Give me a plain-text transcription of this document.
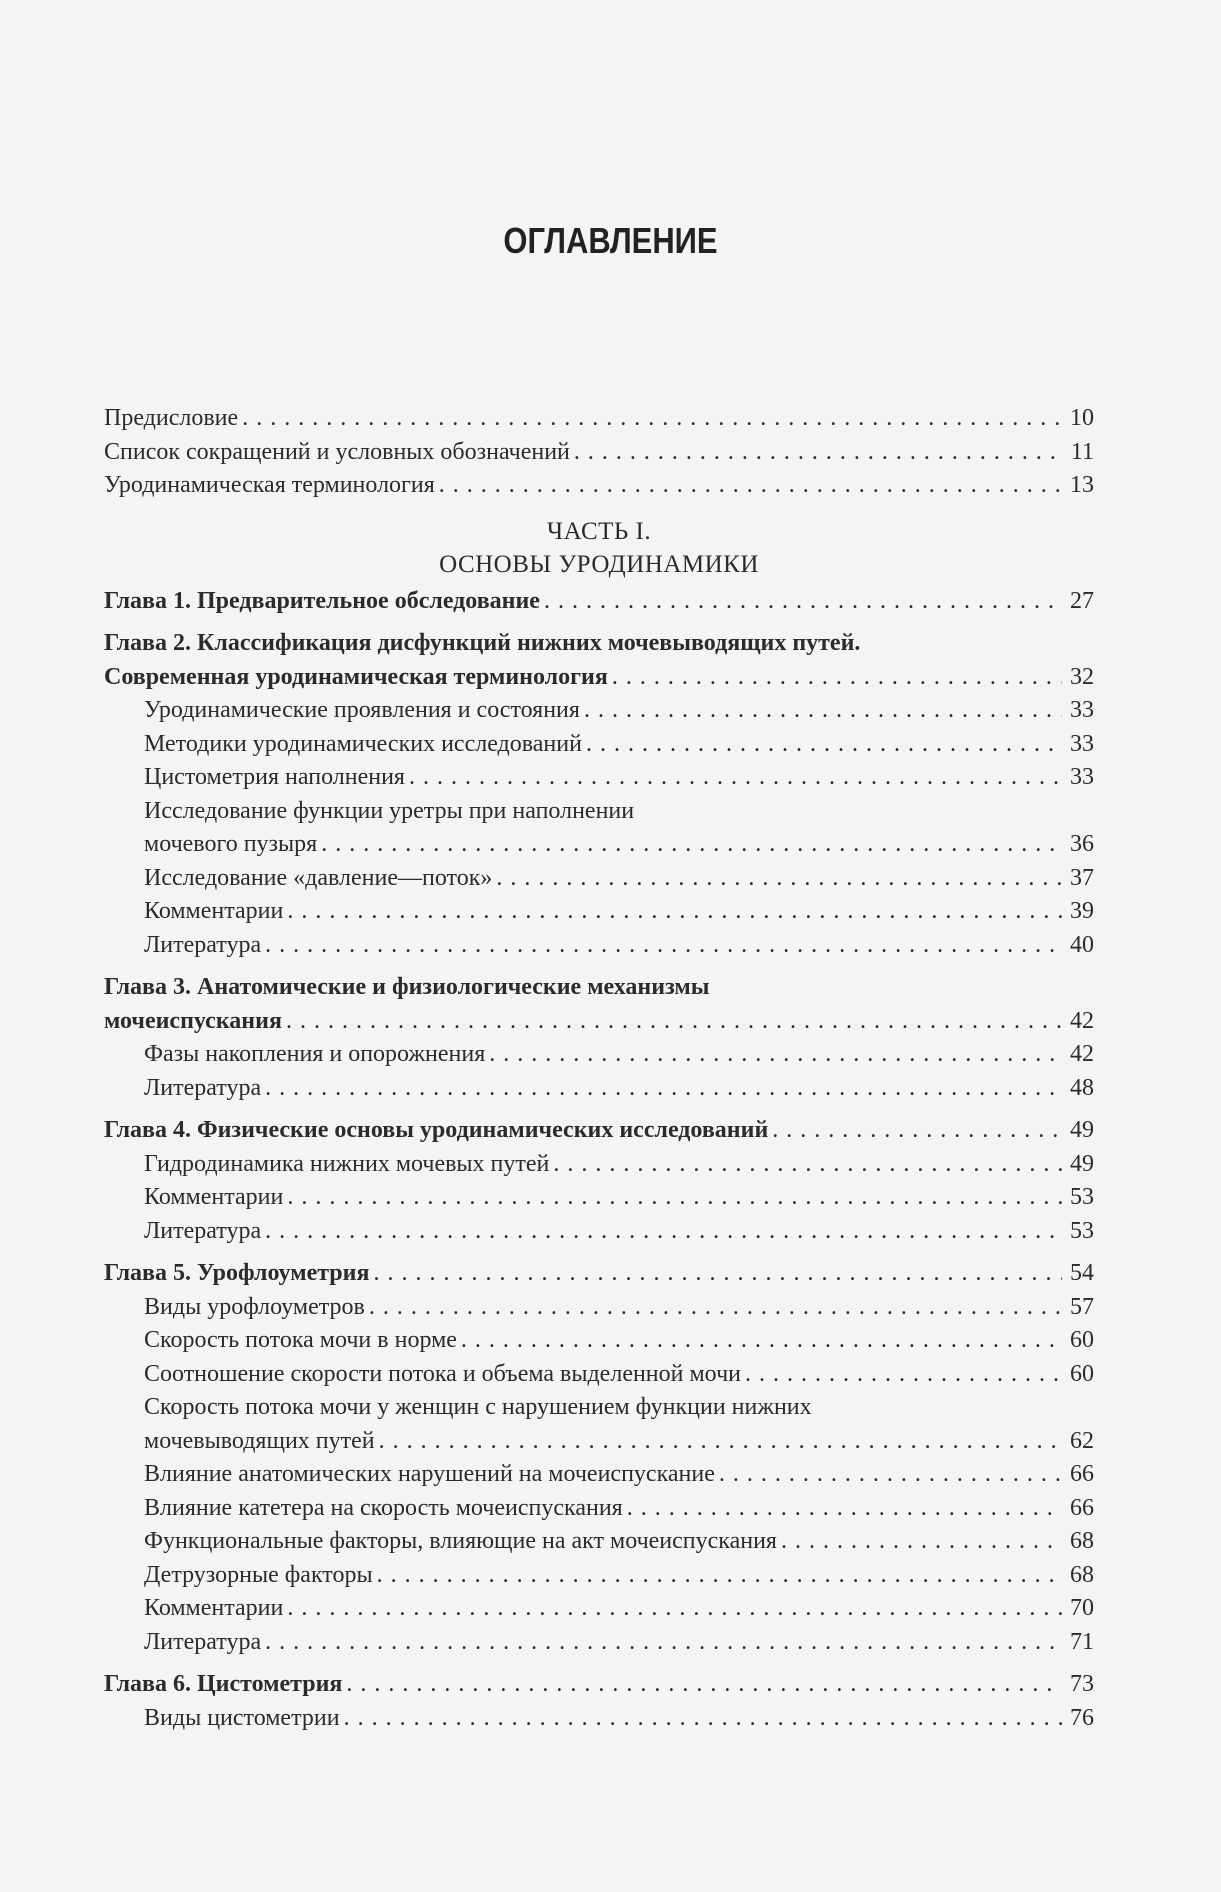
ОГЛАВЛЕНИЕ
Предисловие . . .	10
Список сокращений и условных обозначений . . .	11
Уродинамическая терминология . . .	13
ЧАСТЬ I.
ОСНОВЫ УРОДИНАМИКИ
Глава 1. Предварительное обследование . . .	27
Глава 2. Классификация дисфункций нижних мочевыводящих путей.
Современная уродинамическая терминология . . .	32
Уродинамические проявления и состояния . . .	33
Методики уродинамических исследований . . .	33
Цистометрия наполнения . . .	33
Исследование функции уретры при наполнении
мочевого пузыря . . .	36
Исследование «давление—поток» . . .	37
Комментарии . . .	39
Литература . . .	40
Глава 3. Анатомические и физиологические механизмы
мочеиспускания . . .	42
Фазы накопления и опорожнения . . .	42
Литература . . .	48
Глава 4. Физические основы уродинамических исследований . . .	49
Гидродинамика нижних мочевых путей . . .	49
Комментарии . . .	53
Литература . . .	53
Глава 5. Урофлоуметрия . . .	54
Виды урофлоуметров . . .	57
Скорость потока мочи в норме . . .	60
Соотношение скорости потока и объема выделенной мочи . . .	60
Скорость потока мочи у женщин с нарушением функции нижних
мочевыводящих путей . . .	62
Влияние анатомических нарушений на мочеиспускание . . .	66
Влияние катетера на скорость мочеиспускания . . .	66
Функциональные факторы, влияющие на акт мочеиспускания . . .	68
Детрузорные факторы . . .	68
Комментарии . . .	70
Литература . . .	71
Глава 6. Цистометрия . . .	73
Виды цистометрии . . .	76
